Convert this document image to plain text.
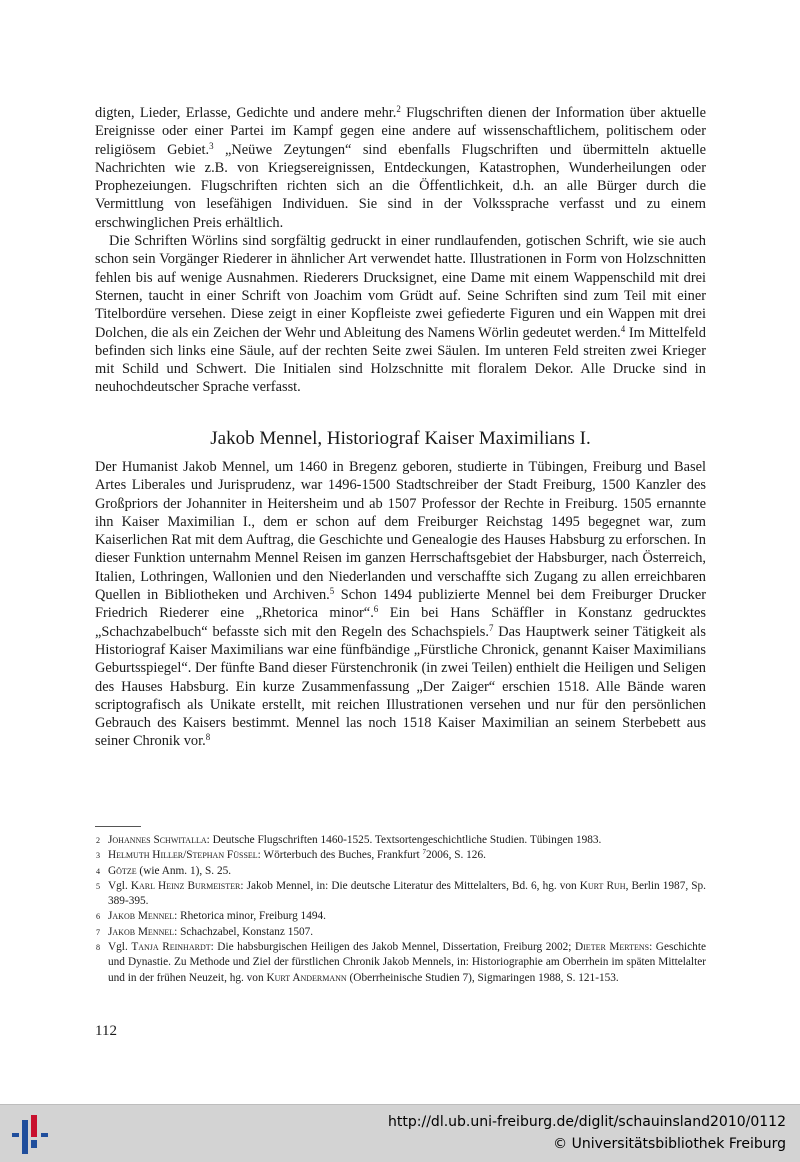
digten, Lieder, Erlasse, Gedichte und andere mehr.$^2$ Flugschriften dienen der Information über aktuelle Ereignisse oder einer Partei im Kampf gegen eine andere auf wissenschaftlichem, politischem oder religiösem Gebiet.$^3$ „Neüwe Zeytungen“ sind ebenfalls Flugschriften und übermitteln aktuelle Nachrichten wie z.B. von Kriegsereignissen, Entdeckungen, Katastrophen, Wunderheilungen oder Prophezeiungen. Flugschriften richten sich an die Öffentlichkeit, d.h. an alle Bürger durch die Vermittlung von lesefähigen Individuen. Sie sind in der Volkssprache verfasst und zu einem erschwinglichen Preis erhältlich.

Die Schriften Wörlins sind sorgfältig gedruckt in einer rundlaufenden, gotischen Schrift, wie sie auch schon sein Vorgänger Riederer in ähnlicher Art verwendet hatte. Illustrationen in Form von Holzschnitten fehlen bis auf wenige Ausnahmen. Riederers Drucksignet, eine Dame mit einem Wappenschild mit drei Sternen, taucht in einer Schrift von Joachim vom Grüdt auf. Seine Schriften sind zum Teil mit einer Titelbordüre versehen. Diese zeigt in einer Kopfleiste zwei gefiederte Figuren und ein Wappen mit drei Dolchen, die als ein Zeichen der Wehr und Ableitung des Namens Wörlin gedeutet werden.$^4$ Im Mittelfeld befinden sich links eine Säule, auf der rechten Seite zwei Säulen. Im unteren Feld streiten zwei Krieger mit Schild und Schwert. Die Initialen sind Holzschnitte mit floralem Dekor. Alle Drucke sind in neuhochdeutscher Sprache verfasst.

Jakob Mennel, Historiograf Kaiser Maximilians I.

Der Humanist Jakob Mennel, um 1460 in Bregenz geboren, studierte in Tübingen, Freiburg und Basel Artes Liberales und Jurisprudenz, war 1496-1500 Stadtschreiber der Stadt Freiburg, 1500 Kanzler des Großpriors der Johanniter in Heitersheim und ab 1507 Professor der Rechte in Freiburg. 1505 ernannte ihn Kaiser Maximilian I., dem er schon auf dem Freiburger Reichstag 1495 begegnet war, zum Kaiserlichen Rat mit dem Auftrag, die Geschichte und Genealogie des Hauses Habsburg zu erforschen. In dieser Funktion unternahm Mennel Reisen im ganzen Herrschaftsgebiet der Habsburger, nach Österreich, Italien, Lothringen, Wallonien und den Niederlanden und verschaffte sich Zugang zu allen erreichbaren Quellen in Bibliotheken und Archiven.$^5$ Schon 1494 publizierte Mennel bei dem Freiburger Drucker Friedrich Riederer eine „Rhetorica minor“.$^6$ Ein bei Hans Schäffler in Konstanz gedrucktes „Schachzabelbuch“ befasste sich mit den Regeln des Schachspiels.$^7$ Das Hauptwerk seiner Tätigkeit als Historiograf Kaiser Maximilians war eine fünfbändige „Fürstliche Chronick, genannt Kaiser Maximilians Geburtsspiegel“. Der fünfte Band dieser Fürstenchronik (in zwei Teilen) enthielt die Heiligen und Seligen des Hauses Habsburg. Ein kurze Zusammenfassung „Der Zaiger“ erschien 1518. Alle Bände waren scriptografisch als Unikate erstellt, mit reichen Illustrationen versehen und nur für den persönlichen Gebrauch des Kaisers bestimmt. Mennel las noch 1518 Kaiser Maximilian an seinem Sterbebett aus seiner Chronik vor.$^8$

2 Johannes Schwitalla: Deutsche Flugschriften 1460-1525. Textsortengeschichtliche Studien. Tübingen 1983.
3 Helmuth Hiller/Stephan Füssel: Wörterbuch des Buches, Frankfurt $^7$2006, S. 126.
4 Götze (wie Anm. 1), S. 25.
5 Vgl. Karl Heinz Burmeister: Jakob Mennel, in: Die deutsche Literatur des Mittelalters, Bd. 6, hg. von Kurt Ruh, Berlin 1987, Sp. 389-395.
6 Jakob Mennel: Rhetorica minor, Freiburg 1494.
7 Jakob Mennel: Schachzabel, Konstanz 1507.
8 Vgl. Tanja Reinhardt: Die habsburgischen Heiligen des Jakob Mennel, Dissertation, Freiburg 2002; Dieter Mertens: Geschichte und Dynastie. Zu Methode und Ziel der fürstlichen Chronik Jakob Mennels, in: Historiographie am Oberrhein im späten Mittelalter und in der frühen Neuzeit, hg. von Kurt Andermann (Oberrheinische Studien 7), Sigmaringen 1988, S. 121-153.
112
http://dl.ub.uni-freiburg.de/diglit/schauinsland2010/0112
© Universitätsbibliothek Freiburg
